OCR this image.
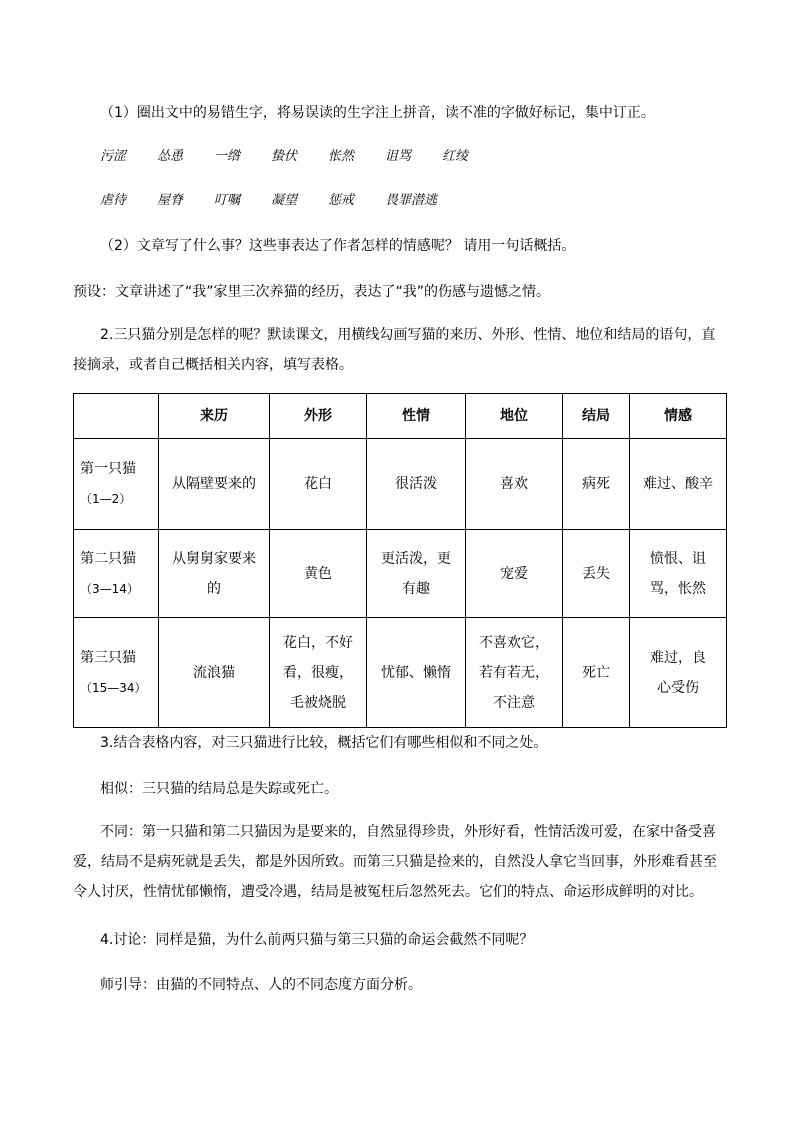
（1）圈出文中的易错生字，将易误读的生字注上拼音，读不准的字做好标记，集中订正。
污涩	怂恿	一绺	蛰伏	怅然	诅骂	红绫
虐待	屋脊	叮嘱	凝望	惩戒	畏罪潜逃
（2）文章写了什么事？这些事表达了作者怎样的情感呢？ 请用一句话概括。
预设：文章讲述了“我”家里三次养猫的经历，表达了“我”的伤感与遗憾之情。
2.三只猫分别是怎样的呢？默读课文，用横线勾画写猫的来历、外形、性情、地位和结局的语句，直接摘录，或者自己概括相关内容，填写表格。
	来历	外形	性情	地位	结局	情感

第一只猫
（1—2）	从隔壁要来的	花白	很活泼	喜欢	病死	难过、酸辛

第二只猫
（3—14）	从舅舅家要来的	黄色	更活泼，更有趣	宠爱	丢失	愤恨、诅骂，怅然

第三只猫
（15—34）	流浪猫	花白，不好看，很瘦，毛被烧脱	忧郁、懒惰	不喜欢它，若有若无，不注意	死亡	难过，良心受伤
3.结合表格内容，对三只猫进行比较，概括它们有哪些相似和不同之处。
相似：三只猫的结局总是失踪或死亡。
不同：第一只猫和第二只猫因为是要来的，自然显得珍贵，外形好看，性情活泼可爱，在家中备受喜爱，结局不是病死就是丢失，都是外因所致。而第三只猫是捡来的，自然没人拿它当回事，外形难看甚至令人讨厌，性情忧郁懒惰，遭受冷遇，结局是被冤枉后忽然死去。它们的特点、命运形成鲜明的对比。
4.讨论：同样是猫，为什么前两只猫与第三只猫的命运会截然不同呢？
师引导：由猫的不同特点、人的不同态度方面分析。
